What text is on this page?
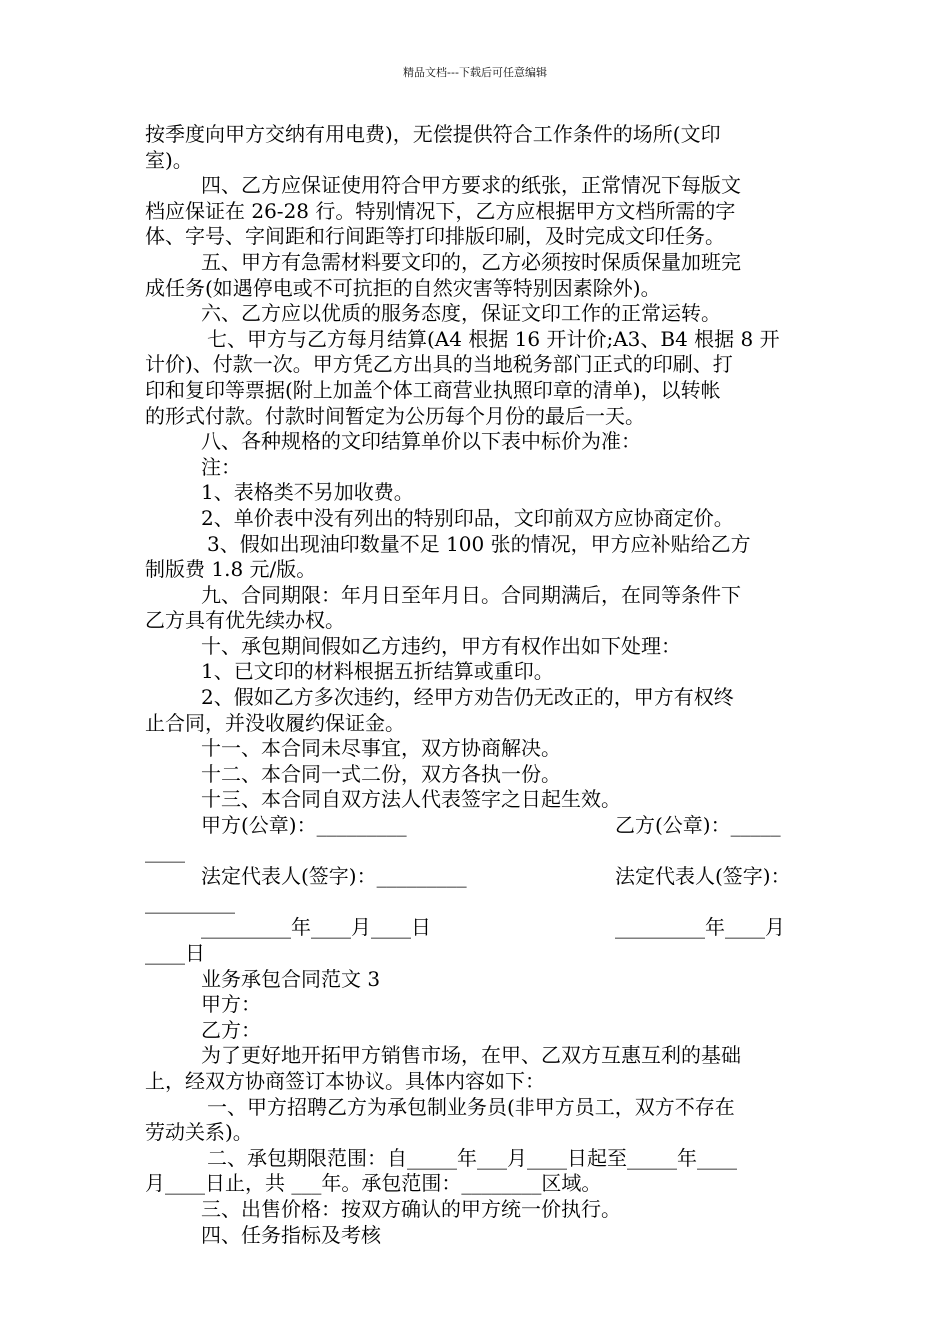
精品文档---下载后可任意编辑
按季度向甲方交纳有用电费)，无偿提供符合工作条件的场所(文印
室)。
四、乙方应保证使用符合甲方要求的纸张，正常情况下每版文
档应保证在 26-28 行。特别情况下，乙方应根据甲方文档所需的字
体、字号、字间距和行间距等打印排版印刷，及时完成文印任务。
五、甲方有急需材料要文印的，乙方必须按时保质保量加班完
成任务(如遇停电或不可抗拒的自然灾害等特别因素除外)。
六、乙方应以优质的服务态度，保证文印工作的正常运转。
七、甲方与乙方每月结算(A4 根据 16 开计价;A3、B4 根据 8 开
计价)、付款一次。甲方凭乙方出具的当地税务部门正式的印刷、打
印和复印等票据(附上加盖个体工商营业执照印章的清单)，以转帐
的形式付款。付款时间暂定为公历每个月份的最后一天。
八、各种规格的文印结算单价以下表中标价为准：
注：
1、表格类不另加收费。
2、单价表中没有列出的特别印品，文印前双方应协商定价。
3、假如出现油印数量不足 100 张的情况，甲方应补贴给乙方
制版费 1.8 元/版。
九、合同期限：年月日至年月日。合同期满后，在同等条件下
乙方具有优先续办权。
十、承包期间假如乙方违约，甲方有权作出如下处理：
1、已文印的材料根据五折结算或重印。
2、假如乙方多次违约，经甲方劝告仍无改正的，甲方有权终
止合同，并没收履约保证金。
十一、本合同未尽事宜，双方协商解决。
十二、本合同一式二份，双方各执一份。
十三、本合同自双方法人代表签字之日起生效。
甲方(公章)：_________	乙方(公章)：_____
____
法定代表人(签字)：_________	法定代表人(签字)：
_________
_________年____月____日	_________年____月
____日
业务承包合同范文 3
甲方：
乙方：
为了更好地开拓甲方销售市场，在甲、乙双方互惠互利的基础
上，经双方协商签订本协议。具体内容如下：
一、甲方招聘乙方为承包制业务员(非甲方员工，双方不存在
劳动关系)。
二、承包期限范围：自_____年___月____日起至_____年____
月____日止，共 ___年。承包范围：________区域。
三、出售价格：按双方确认的甲方统一价执行。
四、任务指标及考核
